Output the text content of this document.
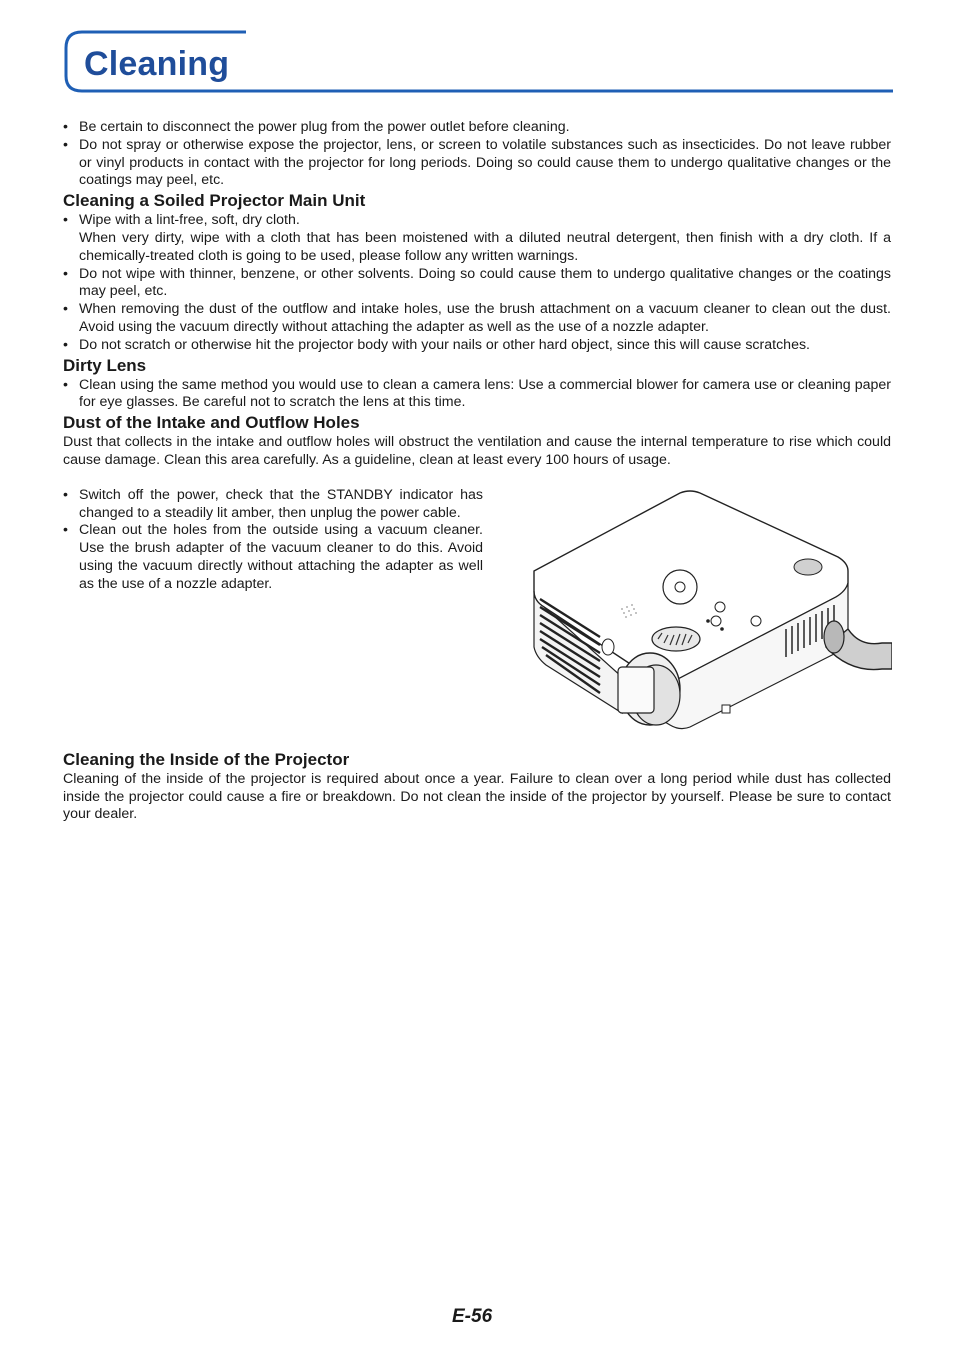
Cleaning
• Be certain to disconnect the power plug from the power outlet before cleaning.
• Do not spray or otherwise expose the projector, lens, or screen to volatile substances such as insecticides. Do not leave rubber or vinyl products in contact with the projector for long periods. Doing so could cause them to undergo qualitative changes or the coatings may peel, etc.
Cleaning a Soiled Projector Main Unit
• Wipe with a lint-free, soft, dry cloth.
When very dirty, wipe with a cloth that has been moistened with a diluted neutral detergent, then finish with a dry cloth. If a chemically-treated cloth is going to be used, please follow any written warnings.
• Do not wipe with thinner, benzene, or other solvents. Doing so could cause them to undergo qualitative changes or the coatings may peel, etc.
• When removing the dust of the outflow and intake holes, use the brush attachment on a vacuum cleaner to clean out the dust. Avoid using the vacuum directly without attaching the adapter as well as the use of a nozzle adapter.
• Do not scratch or otherwise hit the projector body with your nails or other hard object, since this will cause scratches.
Dirty Lens
• Clean using the same method you would use to clean a camera lens: Use a commercial blower for camera use or cleaning paper for eye glasses. Be careful not to scratch the lens at this time.
Dust of the Intake and Outflow Holes

Dust that collects in the intake and outflow holes will obstruct the ventilation and cause the internal temperature to rise which could cause damage. Clean this area carefully. As a guideline, clean at least every 100 hours of usage.

• Switch off the power, check that the STANDBY indicator has changed to a steadily lit amber, then unplug the power cable.
• Clean out the holes from the outside using a vacuum cleaner. Use the brush adapter of the vacuum cleaner to do this. Avoid using the vacuum directly without attaching the adapter as well as the use of a nozzle adapter.
Cleaning the Inside of the Projector

Cleaning of the inside of the projector is required about once a year. Failure to clean over a long period while dust has collected inside the projector could cause a fire or breakdown. Do not clean the inside of the projector by yourself. Please be sure to contact your dealer.

E-56
